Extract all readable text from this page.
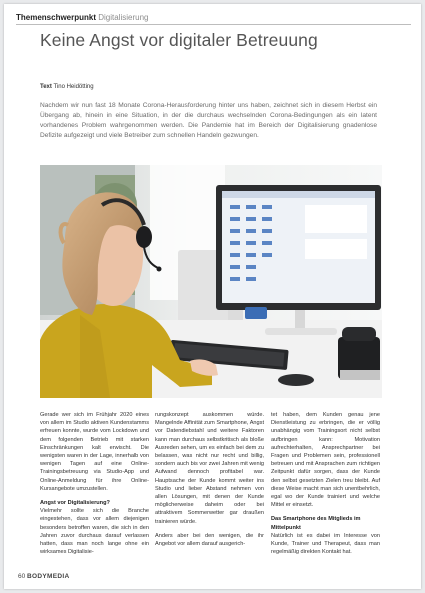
Themenschwerpunkt Digitalisierung
Keine Angst vor digitaler Betreuung
Text Tino Heidötting
Nachdem wir nun fast 18 Monate Corona-Herausforderung hinter uns haben, zeichnet sich in diesem Herbst ein Übergang ab, hinein in eine Situation, in der die durchaus wechselnden Corona-Bedingungen als ein latent vorhandenes Problem wahrgenommen werden. Die Pandemie hat im Bereich der Digitalisierung gnadenlose Defizite aufgezeigt und viele Betreiber zum schnellen Handeln gezwungen.

Gerade wer sich im Frühjahr 2020 eines von allem im Studio aktiven Kundenstamms erfreuen konnte, wurde vom Lockdown und dem folgenden Betrieb mit starken Einschränkungen kalt erwischt. Die wenigsten waren in der Lage, innerhalb von wenigen Tagen auf eine Online-Trainingsbetreuung via Studio-App und Online-Anmeldung für ihre Online-Kursangebote umzustellen.

Angst vor Digitalisierung?

Vielmehr sollte sich die Branche eingestehen, dass vor allem diejenigen besonders betroffen waren, die sich in den Jahren zuvor durchaus darauf verlassen hatten, dass man noch lange ohne ein wirksames Digitalisie-

rungskonzept auskommen würde. Mangelnde Affinität zum Smartphone, Angst vor Datendiebstahl und weitere Faktoren kann man durchaus selbstkritisch als bloße Ausreden sehen, um es einfach bei dem zu belassen, was nicht nur recht und billig, sondern auch bis vor zwei Jahren mit wenig Aufwand dennoch profitabel war. Hauptsache der Kunde kommt weiter ins Studio und lieber Abstand nehmen von allen Lösungen, mit denen der Kunde möglicherweise daheim oder bei attraktivem Sommerwetter gar draußen trainieren würde.

Anders aber bei den wenigen, die ihr Angebot vor allem darauf ausgerich-

tet haben, dem Kunden genau jene Dienstleistung zu erbringen, die er völlig unabhängig vom Trainingsort nicht selbst aufbringen kann: Motivation aufrechterhalten, Ansprechpartner bei Fragen und Problemen sein, professionell betreuen und mit Ansprachen zum richtigen Zeitpunkt dafür sorgen, dass der Kunde den selbst gesetzten Zielen treu bleibt. Auf diese Weise macht man sich unentbehrlich, egal wo der Kunde trainiert und welche Mittel er einsetzt.

Das Smartphone des Mitglieds im Mittelpunkt

Natürlich ist es dabei im Interesse von Kunde, Trainer und Therapeut, dass man regelmäßig direkten Kontakt hat.

60 BODYMEDIA
